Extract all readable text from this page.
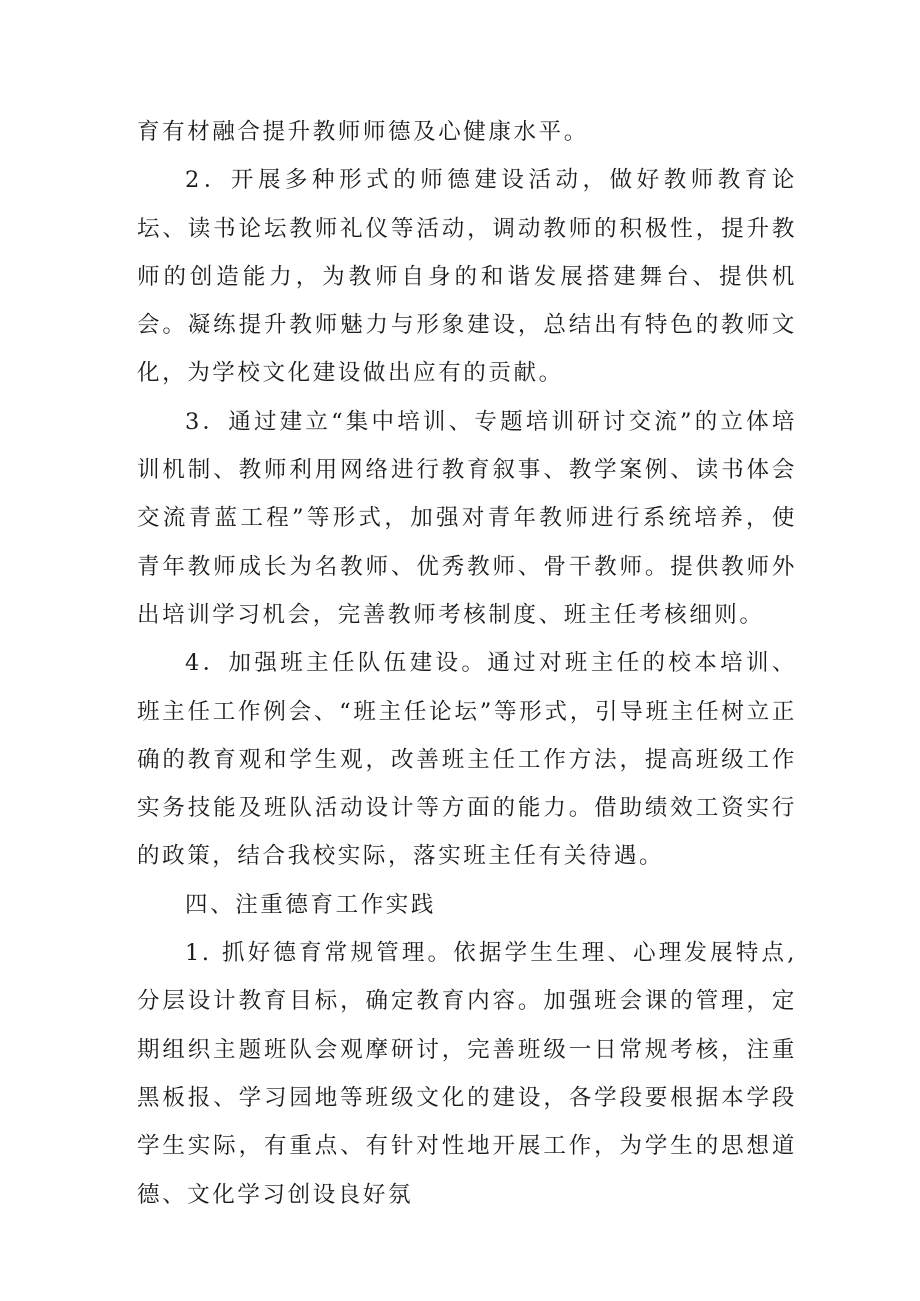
育有材融合提升教师师德及心健康水平。

2．开展多种形式的师德建设活动，做好教师教育论坛、读书论坛教师礼仪等活动，调动教师的积极性，提升教师的创造能力，为教师自身的和谐发展搭建舞台、提供机会。凝练提升教师魅力与形象建设，总结出有特色的教师文化，为学校文化建设做出应有的贡献。

3．通过建立“集中培训、专题培训研讨交流”的立体培训机制、教师利用网络进行教育叙事、教学案例、读书体会交流青蓝工程”等形式，加强对青年教师进行系统培养，使青年教师成长为名教师、优秀教师、骨干教师。提供教师外出培训学习机会，完善教师考核制度、班主任考核细则。

4．加强班主任队伍建设。通过对班主任的校本培训、班主任工作例会、“班主任论坛”等形式，引导班主任树立正确的教育观和学生观，改善班主任工作方法，提高班级工作实务技能及班队活动设计等方面的能力。借助绩效工资实行的政策，结合我校实际，落实班主任有关待遇。

四、注重德育工作实践

1. 抓好德育常规管理。依据学生生理、心理发展特点,分层设计教育目标，确定教育内容。加强班会课的管理，定期组织主题班队会观摩研讨，完善班级一日常规考核，注重黑板报、学习园地等班级文化的建设，各学段要根据本学段学生实际，有重点、有针对性地开展工作，为学生的思想道德、文化学习创设良好氛
